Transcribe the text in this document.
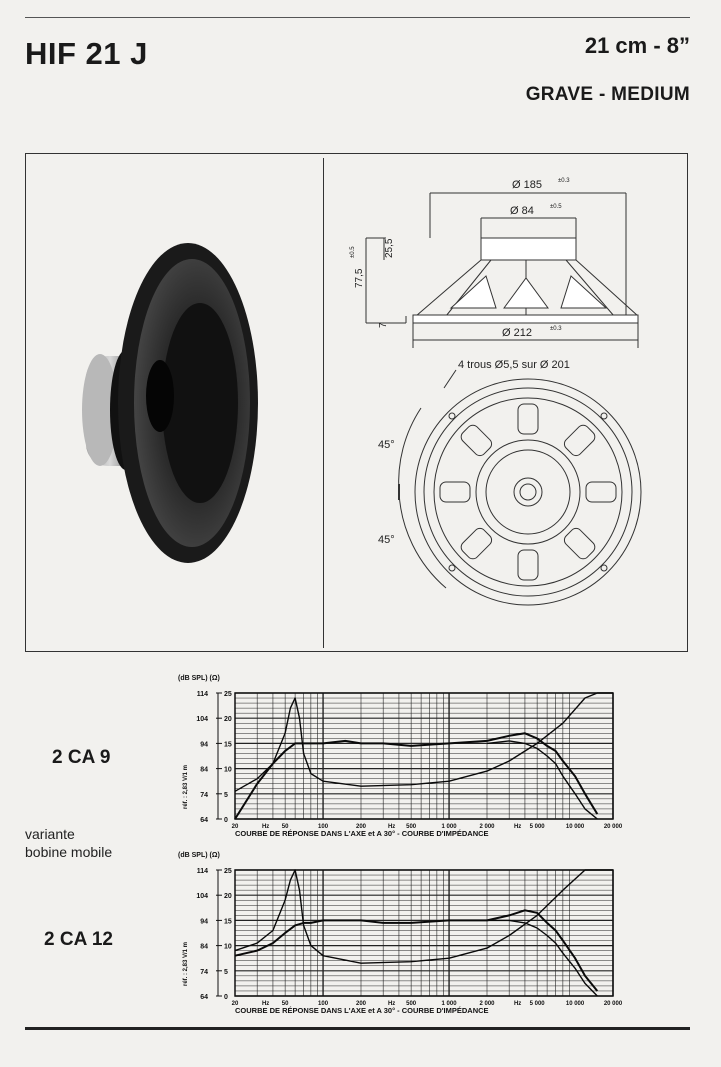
HIF 21 J	21 cm - 8”
GRAVE - MEDIUM
Ø 185	±0.3
Ø 84	±0.5
Ø 212	±0.3
77,5
±0.5	25,5
7
4 trous Ø5,5 sur Ø 201
45°
45°
2 CA 9
2 CA 12
variante
bobine mobile
(dB SPL) (Ω)
114
104
94
84
74
64
25
20
15
10
5
0
réf. : 2,83 V/1 m
20	Hz 50	100	200	Hz 500	1 000	2 000	Hz 5 000	10 000	20 000
COURBE DE RÉPONSE DANS L'AXE et A 30° - COURBE D'IMPÉDANCE
(dB SPL) (Ω)
114
104
94
84
74
64
25
20
15
10
5
0
réf. : 2,83 V/1 m
20	Hz 50	100	200	Hz 500	1 000	2 000	Hz 5 000	10 000	20 000
COURBE DE RÉPONSE DANS L'AXE et A 30° - COURBE D'IMPÉDANCE
